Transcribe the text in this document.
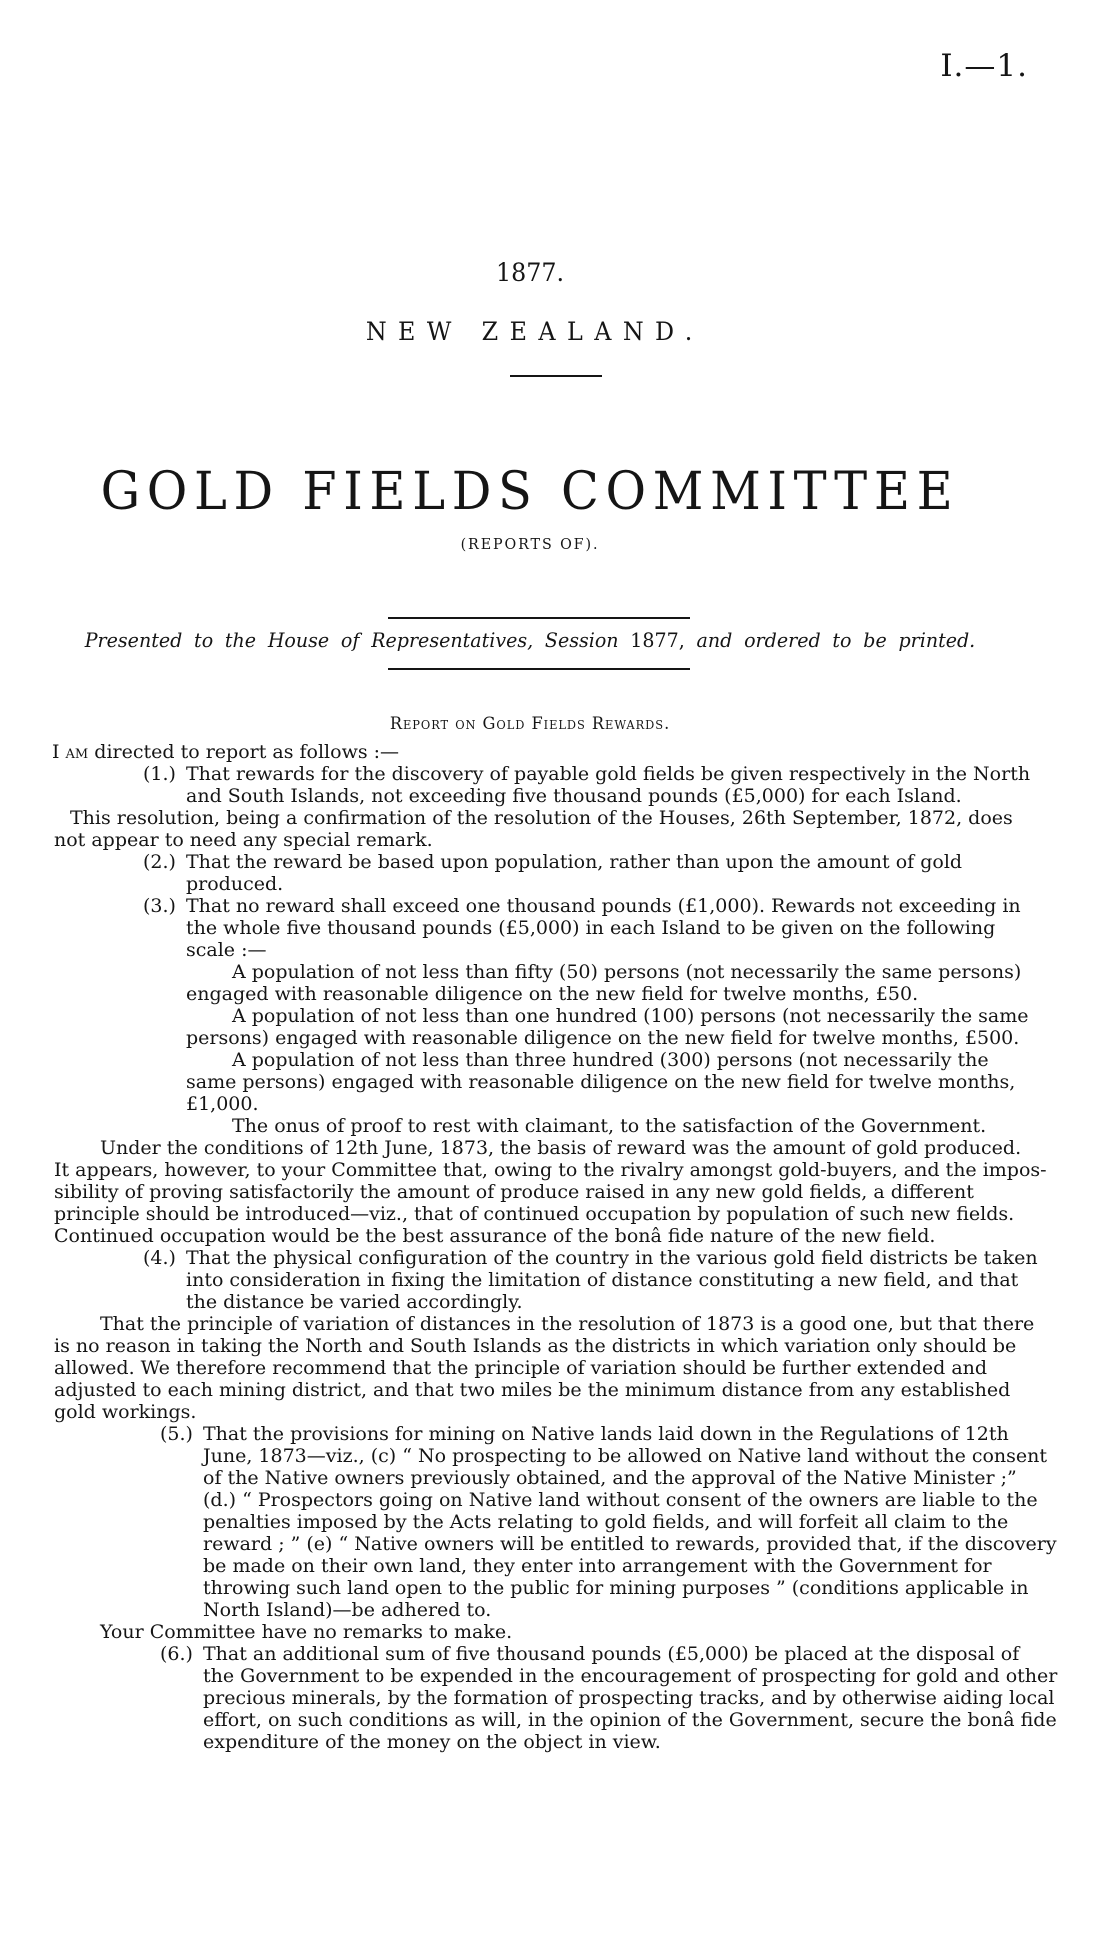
I.—1.
1877.
NEW ZEALAND.
GOLD FIELDS COMMITTEE
(REPORTS OF).
Presented to the House of Representatives, Session 1877, and ordered to be printed.
Report on Gold Fields Rewards.
I am directed to report as follows :—
(1.) That rewards for the discovery of payable gold fields be given respectively in the North
and South Islands, not exceeding five thousand pounds (£5,000) for each Island.
This resolution, being a confirmation of the resolution of the Houses, 26th September, 1872, does
not appear to need any special remark.
(2.) That the reward be based upon population, rather than upon the amount of gold
produced.
(3.) That no reward shall exceed one thousand pounds (£1,000). Rewards not exceeding in
the whole five thousand pounds (£5,000) in each Island to be given on the following
scale :—
A population of not less than fifty (50) persons (not necessarily the same persons)
engaged with reasonable diligence on the new field for twelve months, £50.
A population of not less than one hundred (100) persons (not necessarily the same
persons) engaged with reasonable diligence on the new field for twelve months, £500.
A population of not less than three hundred (300) persons (not necessarily the
same persons) engaged with reasonable diligence on the new field for twelve months,
£1,000.
The onus of proof to rest with claimant, to the satisfaction of the Government.
Under the conditions of 12th June, 1873, the basis of reward was the amount of gold produced.
It appears, however, to your Committee that, owing to the rivalry amongst gold-buyers, and the impos-
sibility of proving satisfactorily the amount of produce raised in any new gold fields, a different
principle should be introduced—viz., that of continued occupation by population of such new fields.
Continued occupation would be the best assurance of the bonâ fide nature of the new field.
(4.) That the physical configuration of the country in the various gold field districts be taken
into consideration in fixing the limitation of distance constituting a new field, and that
the distance be varied accordingly.
That the principle of variation of distances in the resolution of 1873 is a good one, but that there
is no reason in taking the North and South Islands as the districts in which variation only should be
allowed. We therefore recommend that the principle of variation should be further extended and
adjusted to each mining district, and that two miles be the minimum distance from any established
gold workings.
(5.) That the provisions for mining on Native lands laid down in the Regulations of 12th
June, 1873—viz., (c) “ No prospecting to be allowed on Native land without the consent
of the Native owners previously obtained, and the approval of the Native Minister ;”
(d.) “ Prospectors going on Native land without consent of the owners are liable to the
penalties imposed by the Acts relating to gold fields, and will forfeit all claim to the
reward ; ” (e) “ Native owners will be entitled to rewards, provided that, if the discovery
be made on their own land, they enter into arrangement with the Government for
throwing such land open to the public for mining purposes ” (conditions applicable in
North Island)—be adhered to.
Your Committee have no remarks to make.
(6.) That an additional sum of five thousand pounds (£5,000) be placed at the disposal of
the Government to be expended in the encouragement of prospecting for gold and other
precious minerals, by the formation of prospecting tracks, and by otherwise aiding local
effort, on such conditions as will, in the opinion of the Government, secure the bonâ fide
expenditure of the money on the object in view.
